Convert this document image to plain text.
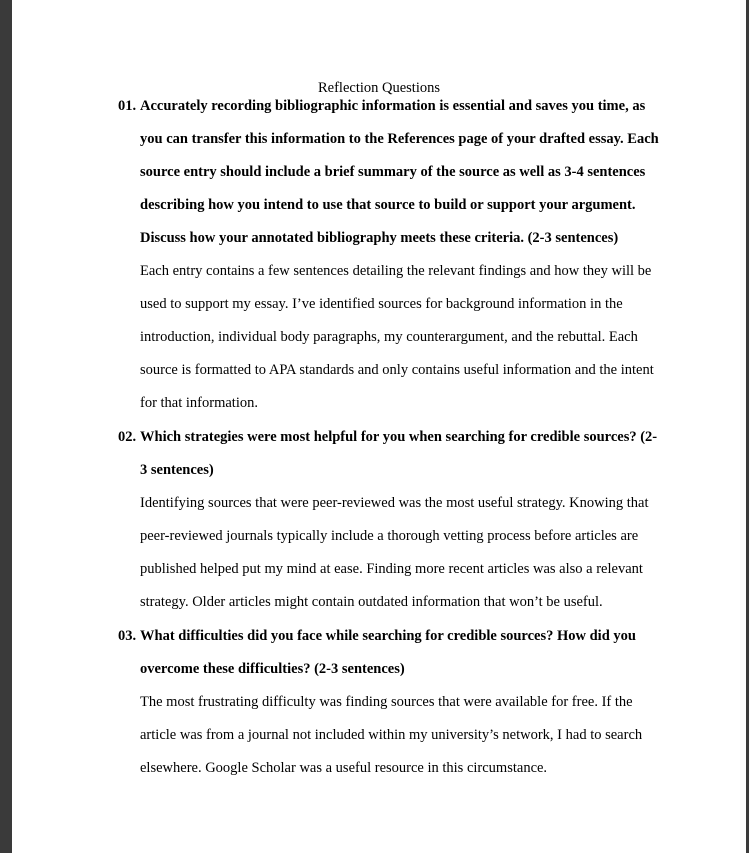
Reflection Questions
01. Accurately recording bibliographic information is essential and saves you time, as
you can transfer this information to the References page of your drafted essay. Each
source entry should include a brief summary of the source as well as 3-4 sentences
describing how you intend to use that source to build or support your argument.
Discuss how your annotated bibliography meets these criteria. (2-3 sentences)
Each entry contains a few sentences detailing the relevant findings and how they will be
used to support my essay. I’ve identified sources for background information in the
introduction, individual body paragraphs, my counterargument, and the rebuttal. Each
source is formatted to APA standards and only contains useful information and the intent
for that information.
02. Which strategies were most helpful for you when searching for credible sources? (2-
3 sentences)
Identifying sources that were peer-reviewed was the most useful strategy. Knowing that
peer-reviewed journals typically include a thorough vetting process before articles are
published helped put my mind at ease. Finding more recent articles was also a relevant
strategy. Older articles might contain outdated information that won’t be useful.
03. What difficulties did you face while searching for credible sources? How did you
overcome these difficulties? (2-3 sentences)
The most frustrating difficulty was finding sources that were available for free. If the
article was from a journal not included within my university’s network, I had to search
elsewhere. Google Scholar was a useful resource in this circumstance.
